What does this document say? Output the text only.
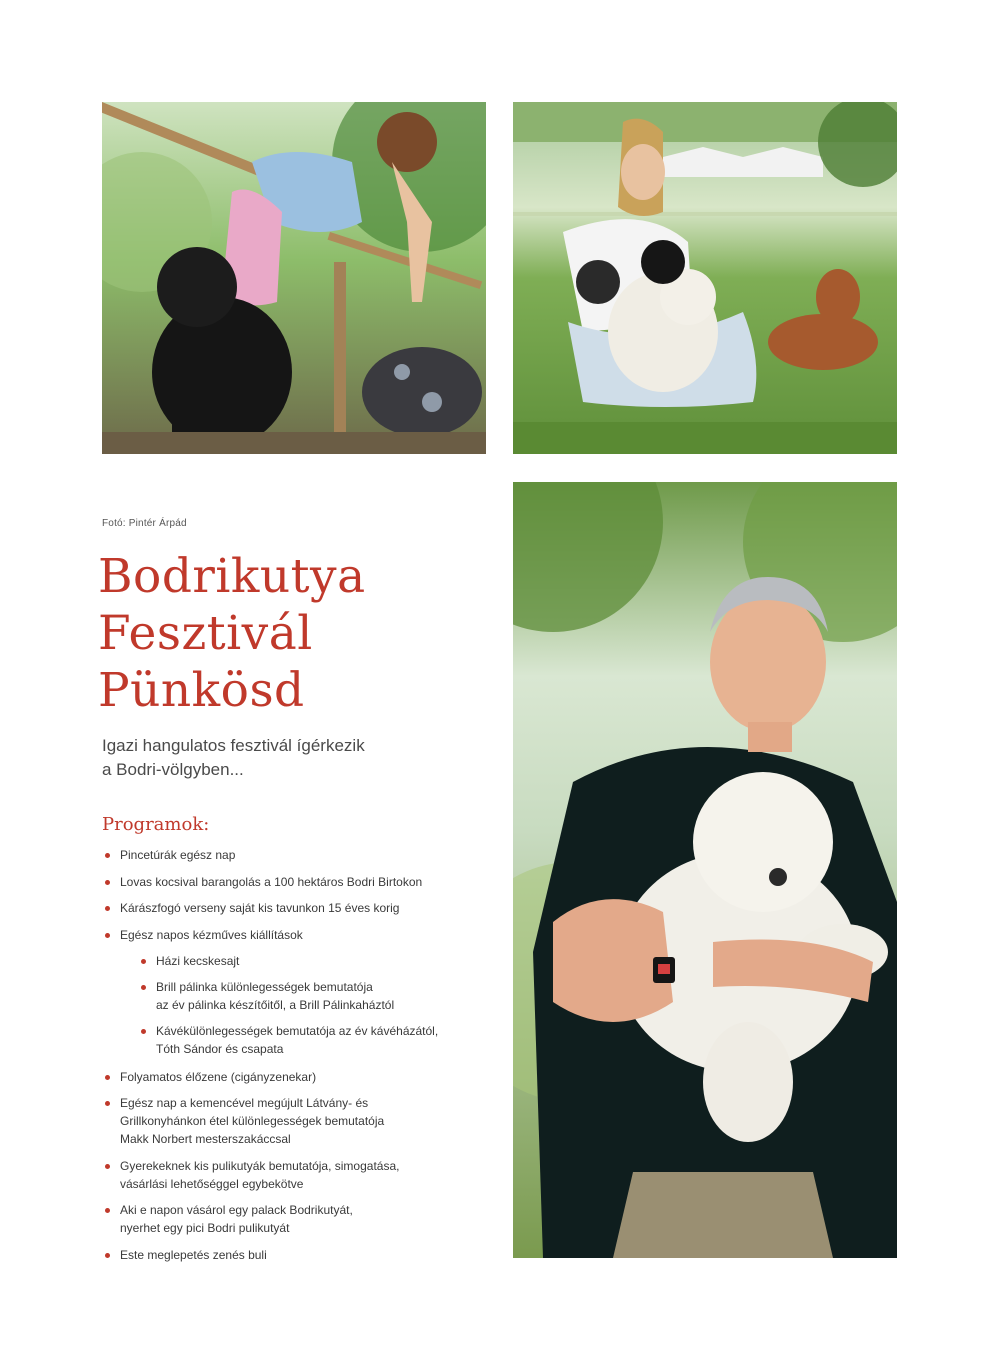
Fotó: Pintér Árpád
Bodrikutya
Fesztivál
Pünkösd

Igazi hangulatos fesztivál ígérkezik
a Bodri-völgyben...

Programok:
Pincetúrák egész nap
Lovas kocsival barangolás a 100 hektáros Bodri Birtokon
Kárászfogó verseny saját kis tavunkon 15 éves korig
Egész napos kézműves kiállítások
Házi kecskesajt
Brill pálinka különlegességek bemutatója
az év pálinka készítőitől, a Brill Pálinkaháztól
Kávékülönlegességek bemutatója az év kávéházától,
Tóth Sándor és csapata
Folyamatos élőzene (cigányzenekar)
Egész nap a kemencével megújult Látvány- és
Grillkonyhánkon étel különlegességek bemutatója
Makk Norbert mesterszakáccsal
Gyerekeknek kis pulikutyák bemutatója, simogatása,
vásárlási lehetőséggel egybekötve
Aki e napon vásárol egy palack Bodrikutyát,
nyerhet egy pici Bodri pulikutyát
Este meglepetés zenés buli
